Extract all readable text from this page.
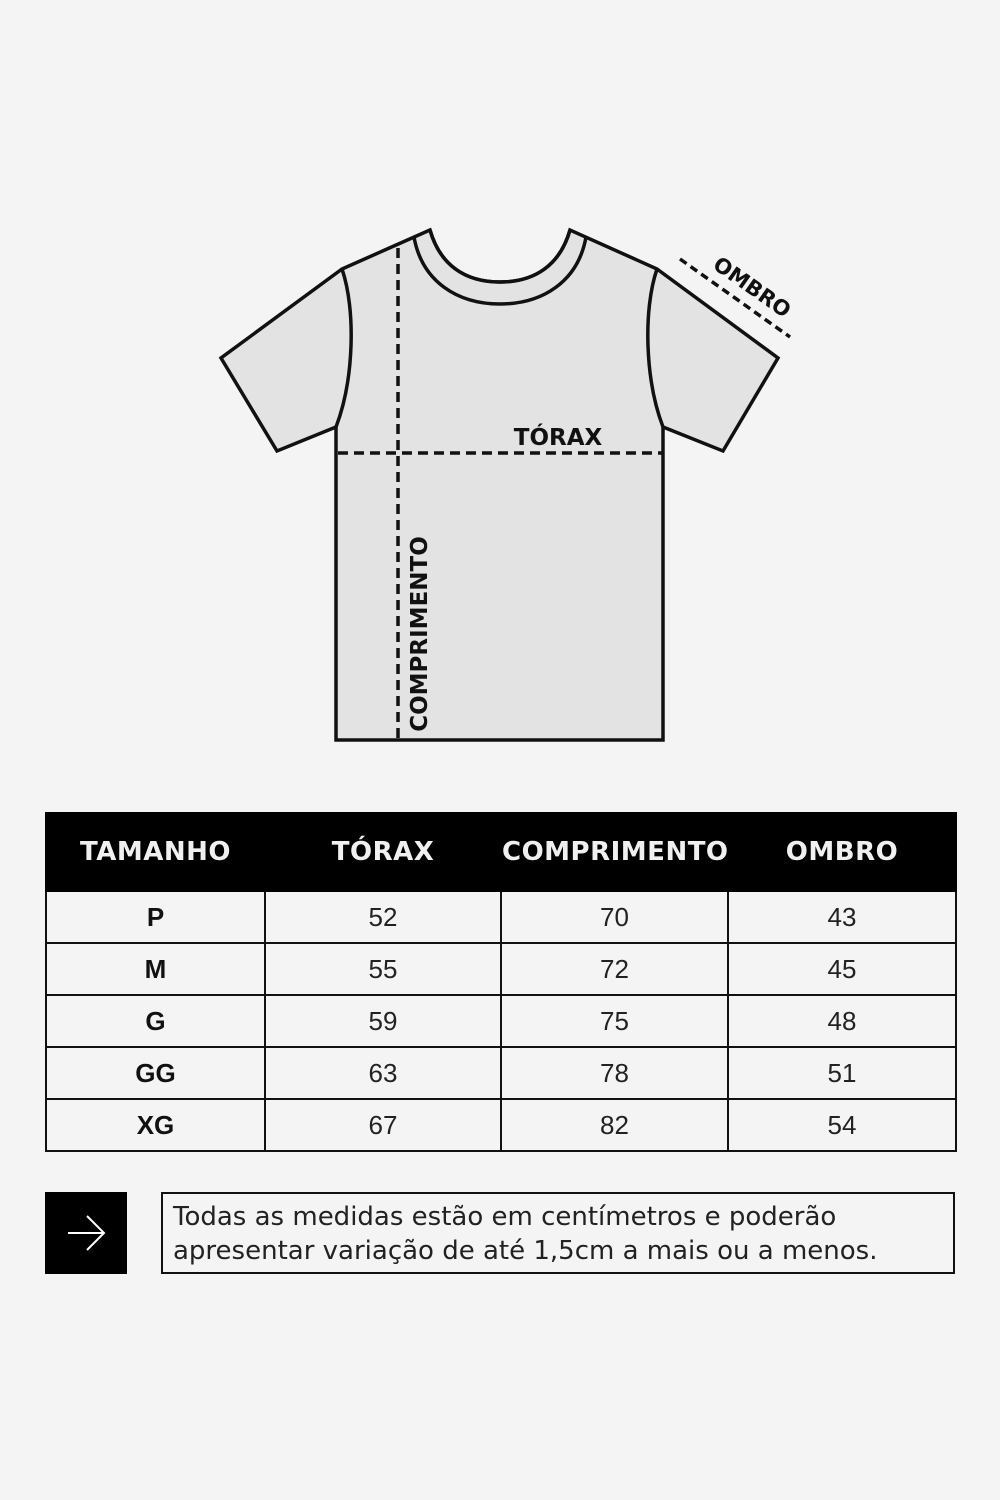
TÓRAX
COMPRIMENTO
OMBRO
TAMANHO	TÓRAX	COMPRIMENTO	OMBRO
P	52	70	43
M	55	72	45
G	59	75	48
GG	63	78	51
XG	67	82	54

Todas as medidas estão em centímetros e poderão

apresentar variação de até 1,5cm a mais ou a menos.
